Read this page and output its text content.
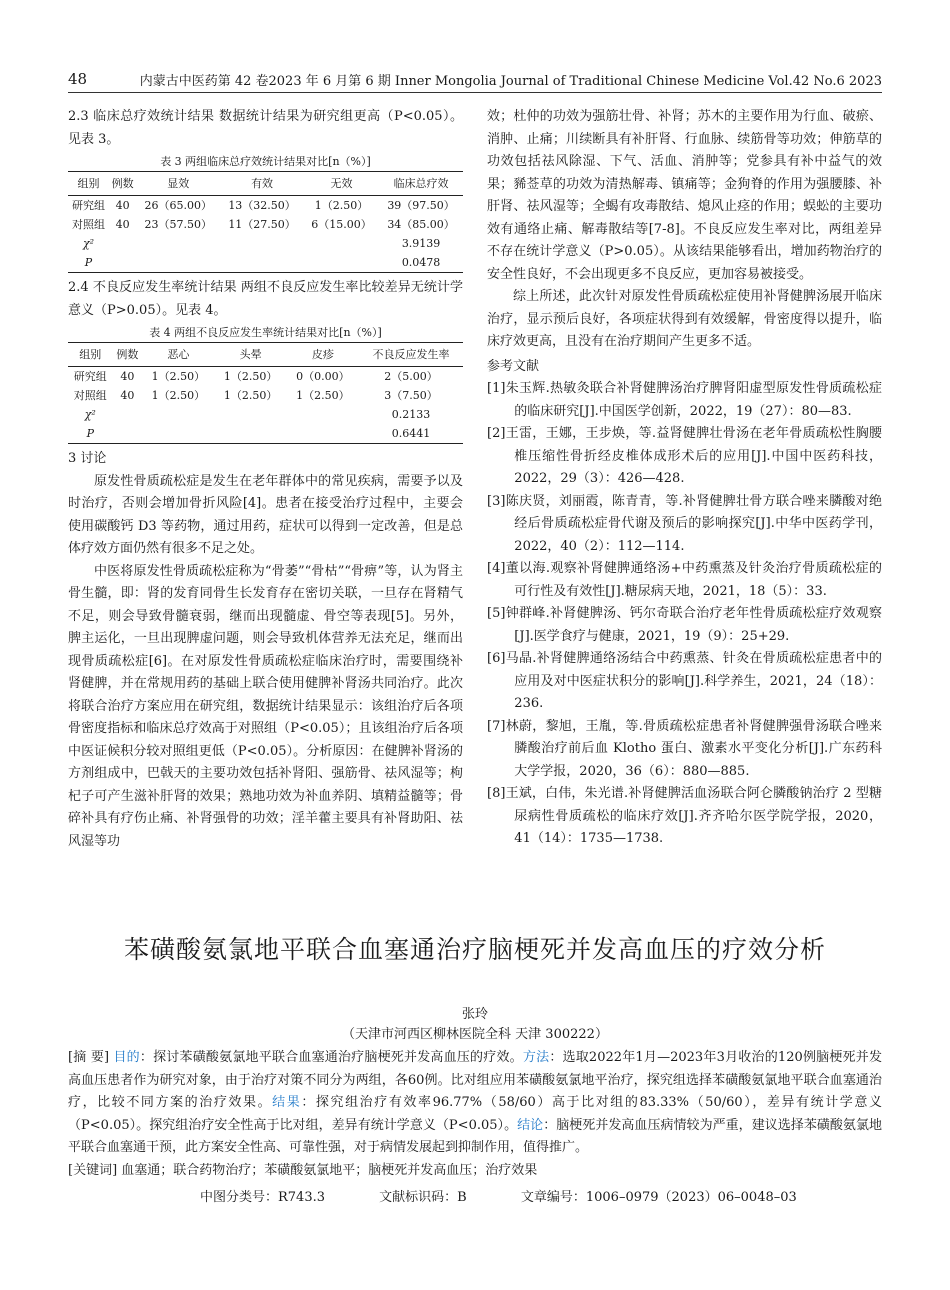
48	内蒙古中医药第 42 卷2023 年 6 月第 6 期 Inner Mongolia Journal of Traditional Chinese Medicine Vol.42 No.6 2023

2.3 临床总疗效统计结果 数据统计结果为研究组更高（P<0.05）。见表 3。

表 3 两组临床总疗效统计结果对比[n（%）]
组别	例数	显效	有效	无效	临床总疗效
研究组	40	26（65.00）	13（32.50）	1（2.50）	39（97.50）
对照组	40	23（57.50）	11（27.50）	6（15.00）	34（85.00）
χ²					3.9139
P					0.0478

2.4 不良反应发生率统计结果 两组不良反应发生率比较差异无统计学意义（P>0.05）。见表 4。

表 4 两组不良反应发生率统计结果对比[n（%）]
组别	例数	恶心	头晕	皮疹	不良反应发生率
研究组	40	1（2.50）	1（2.50）	0（0.00）	2（5.00）
对照组	40	1（2.50）	1（2.50）	1（2.50）	3（7.50）
χ²					0.2133
P					0.6441

3 讨论

原发性骨质疏松症是发生在老年群体中的常见疾病，需要予以及时治疗，否则会增加骨折风险[4]。患者在接受治疗过程中，主要会使用碳酸钙 D3 等药物，通过用药，症状可以得到一定改善，但是总体疗效方面仍然有很多不足之处。

中医将原发性骨质疏松症称为“骨萎”“骨枯”“骨痹”等，认为肾主骨生髓，即：肾的发育同骨生长发育存在密切关联，一旦存在肾精气不足，则会导致骨髓衰弱，继而出现髓虚、骨空等表现[5]。另外，脾主运化，一旦出现脾虚问题，则会导致机体营养无法充足，继而出现骨质疏松症[6]。在对原发性骨质疏松症临床治疗时，需要围绕补肾健脾，并在常规用药的基础上联合使用健脾补肾汤共同治疗。此次将联合治疗方案应用在研究组，数据统计结果显示：该组治疗后各项骨密度指标和临床总疗效高于对照组（P<0.05）；且该组治疗后各项中医证候积分较对照组更低（P<0.05）。分析原因：在健脾补肾汤的方剂组成中，巴戟天的主要功效包括补肾阳、强筋骨、祛风湿等；枸杞子可产生滋补肝肾的效果；熟地功效为补血养阴、填精益髓等；骨碎补具有疗伤止痛、补肾强骨的功效；淫羊藿主要具有补肾助阳、祛风湿等功

效；杜仲的功效为强筋壮骨、补肾；苏木的主要作用为行血、破瘀、消肿、止痛；川续断具有补肝肾、行血脉、续筋骨等功效；伸筋草的功效包括祛风除湿、下气、活血、消肿等；党参具有补中益气的效果；豨莶草的功效为清热解毒、镇痛等；金狗脊的作用为强腰膝、补肝肾、祛风湿等；全蝎有攻毒散结、熄风止痉的作用；蜈蚣的主要功效有通络止痛、解毒散结等[7-8]。不良反应发生率对比，两组差异不存在统计学意义（P>0.05）。从该结果能够看出，增加药物治疗的安全性良好，不会出现更多不良反应，更加容易被接受。

综上所述，此次针对原发性骨质疏松症使用补肾健脾汤展开临床治疗，显示预后良好，各项症状得到有效缓解，骨密度得以提升，临床疗效更高，且没有在治疗期间产生更多不适。

参考文献

[1]朱玉辉.热敏灸联合补肾健脾汤治疗脾肾阳虚型原发性骨质疏松症的临床研究[J].中国医学创新，2022，19（27）：80—83.

[2]王雷，王娜，王步焕，等.益肾健脾壮骨汤在老年骨质疏松性胸腰椎压缩性骨折经皮椎体成形术后的应用[J].中国中医药科技，2022，29（3）：426—428.

[3]陈庆贤，刘丽霞，陈青青，等.补肾健脾壮骨方联合唑来膦酸对绝经后骨质疏松症骨代谢及预后的影响探究[J].中华中医药学刊，2022，40（2）：112—114.

[4]董以海.观察补肾健脾通络汤+中药熏蒸及针灸治疗骨质疏松症的可行性及有效性[J].糖尿病天地，2021，18（5）：33.

[5]钟群峰.补肾健脾汤、钙尔奇联合治疗老年性骨质疏松症疗效观察[J].医学食疗与健康，2021，19（9）：25+29.

[6]马晶.补肾健脾通络汤结合中药熏蒸、针灸在骨质疏松症患者中的应用及对中医症状积分的影响[J].科学养生，2021，24（18）：236.

[7]林蔚，黎旭，王胤，等.骨质疏松症患者补肾健脾强骨汤联合唑来膦酸治疗前后血 Klotho 蛋白、激素水平变化分析[J].广东药科大学学报，2020，36（6）：880—885.

[8]王斌，白伟，朱光谱.补肾健脾活血汤联合阿仑膦酸钠治疗 2 型糖尿病性骨质疏松的临床疗效[J].齐齐哈尔医学院学报，2020，41（14）：1735—1738.

苯磺酸氨氯地平联合血塞通治疗脑梗死并发高血压的疗效分析
张玲
（天津市河西区柳林医院全科 天津 300222）
[摘 要] 目的：探讨苯磺酸氨氯地平联合血塞通治疗脑梗死并发高血压的疗效。方法：选取2022年1月—2023年3月收治的120例脑梗死并发高血压患者作为研究对象，由于治疗对策不同分为两组，各60例。比对组应用苯磺酸氨氯地平治疗，探究组选择苯磺酸氨氯地平联合血塞通治疗，比较不同方案的治疗效果。结果：探究组治疗有效率96.77%（58/60）高于比对组的83.33%（50/60），差异有统计学意义（P<0.05）。探究组治疗安全性高于比对组，差异有统计学意义（P<0.05）。结论：脑梗死并发高血压病情较为严重，建议选择苯磺酸氨氯地平联合血塞通干预，此方案安全性高、可靠性强，对于病情发展起到抑制作用，值得推广。
[关键词] 血塞通；联合药物治疗；苯磺酸氨氯地平；脑梗死并发高血压；治疗效果
中图分类号：R743.3	文献标识码：B	文章编号：1006–0979（2023）06–0048–03
